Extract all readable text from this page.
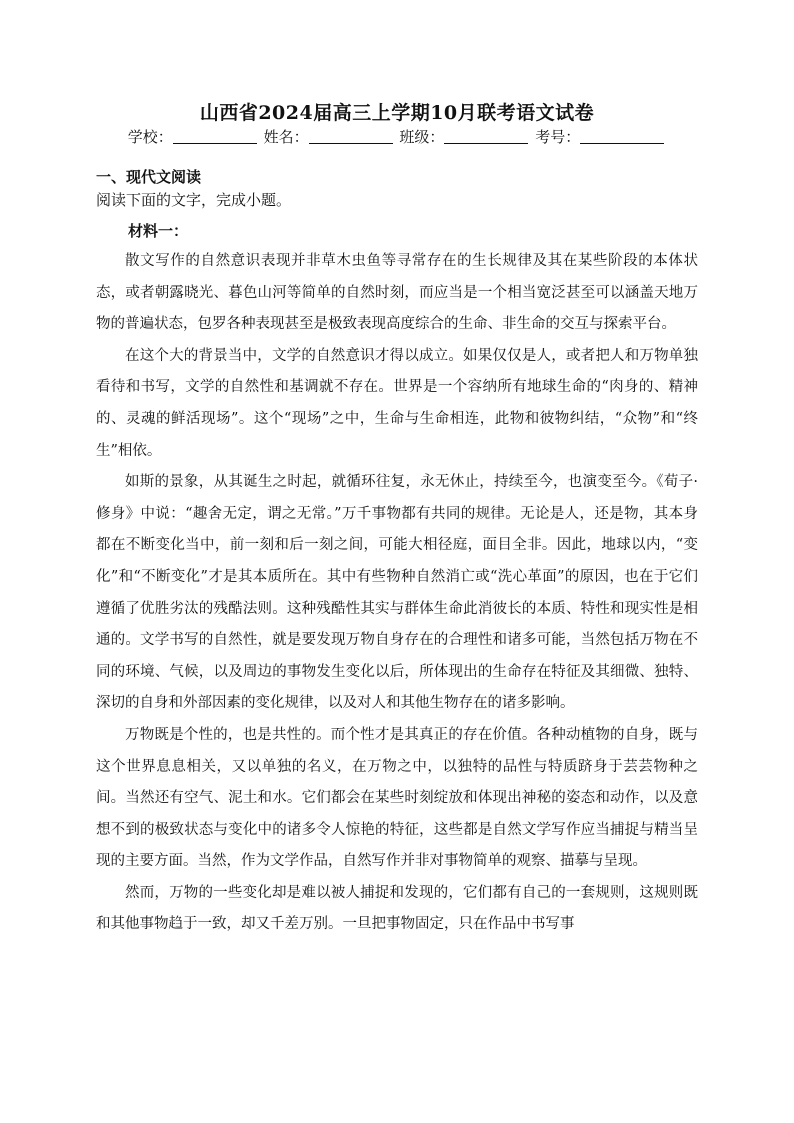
山西省2024届高三上学期10月联考语文试卷
学校：	姓名：	班级：	考号：
一、现代文阅读
阅读下面的文字，完成小题。
材料一：

散文写作的自然意识表现并非草木虫鱼等寻常存在的生长规律及其在某些阶段的本体状态，或者朝露晓光、暮色山河等简单的自然时刻，而应当是一个相当宽泛甚至可以涵盖天地万物的普遍状态，包罗各种表现甚至是极致表现高度综合的生命、非生命的交互与探索平台。

在这个大的背景当中，文学的自然意识才得以成立。如果仅仅是人，或者把人和万物单独看待和书写，文学的自然性和基调就不存在。世界是一个容纳所有地球生命的“肉身的、精神的、灵魂的鲜活现场”。这个“现场”之中，生命与生命相连，此物和彼物纠结，“众物”和“终生”相依。

如斯的景象，从其诞生之时起，就循环往复，永无休止，持续至今，也演变至今。《荀子·修身》中说：“趣舍无定，谓之无常。”万千事物都有共同的规律。无论是人，还是物，其本身都在不断变化当中，前一刻和后一刻之间，可能大相径庭，面目全非。因此，地球以内，“变化”和“不断变化”才是其本质所在。其中有些物种自然消亡或“洗心革面”的原因，也在于它们遵循了优胜劣汰的残酷法则。这种残酷性其实与群体生命此消彼长的本质、特性和现实性是相通的。文学书写的自然性，就是要发现万物自身存在的合理性和诸多可能，当然包括万物在不同的环境、气候，以及周边的事物发生变化以后，所体现出的生命存在特征及其细微、独特、深切的自身和外部因素的变化规律，以及对人和其他生物存在的诸多影响。

万物既是个性的，也是共性的。而个性才是其真正的存在价值。各种动植物的自身，既与这个世界息息相关，又以单独的名义，在万物之中，以独特的品性与特质跻身于芸芸物种之间。当然还有空气、泥土和水。它们都会在某些时刻绽放和体现出神秘的姿态和动作，以及意想不到的极致状态与变化中的诸多令人惊艳的特征，这些都是自然文学写作应当捕捉与精当呈现的主要方面。当然，作为文学作品，自然写作并非对事物简单的观察、描摹与呈现。

然而，万物的一些变化却是难以被人捕捉和发现的，它们都有自己的一套规则，这规则既和其他事物趋于一致，却又千差万别。一旦把事物固定，只在作品中书写事
